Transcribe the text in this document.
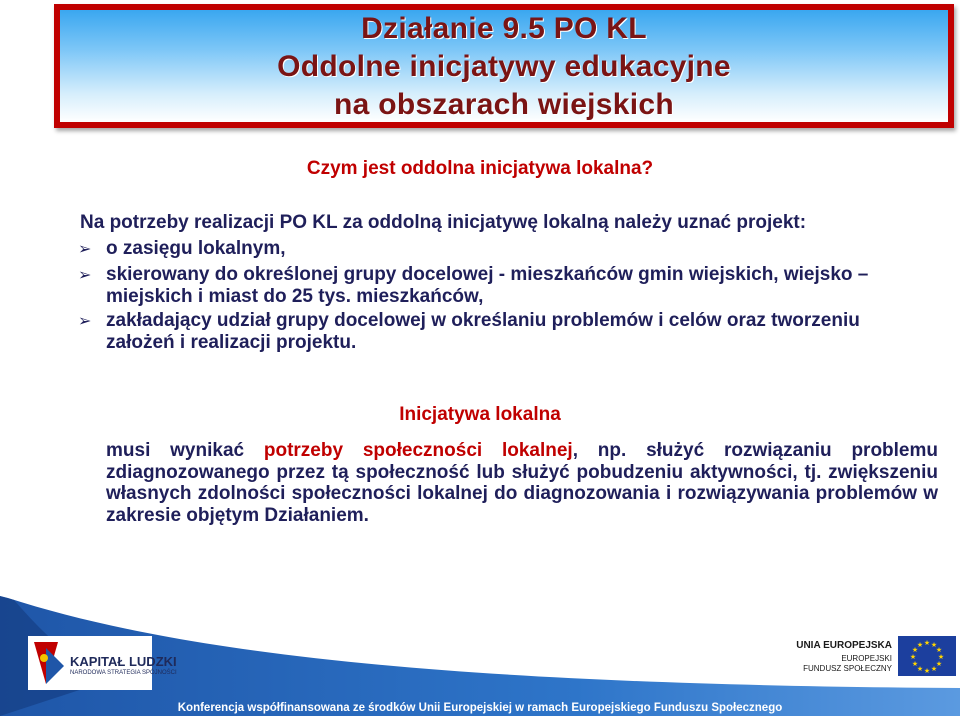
Działanie 9.5 PO KL
Oddolne inicjatywy edukacyjne
na obszarach wiejskich
Czym jest oddolna inicjatywa lokalna?
Na potrzeby realizacji PO KL za oddolną inicjatywę lokalną należy uznać projekt:
➢ o zasięgu lokalnym,
➢ skierowany do określonej grupy docelowej - mieszkańców gmin wiejskich, wiejsko – miejskich i miast do 25 tys. mieszkańców,
➢ zakładający udział grupy docelowej w określaniu problemów i celów oraz tworzeniu założeń i realizacji projektu.
Inicjatywa lokalna
musi wynikać potrzeby społeczności lokalnej, np. służyć rozwiązaniu problemu zdiagnozowanego przez tą społeczność lub służyć pobudzeniu aktywności, tj. zwiększeniu własnych zdolności społeczności lokalnej do diagnozowania i rozwiązywania problemów w zakresie objętym Działaniem.
KAPITAŁ LUDZKI
NARODOWA STRATEGIA SPÓJNOŚCI
UNIA EUROPEJSKA
EUROPEJSKI
FUNDUSZ SPOŁECZNY
★ ★
★
★
★
★
★
★
★
★
★
★
Konferencja współfinansowana ze środków Unii Europejskiej w ramach Europejskiego Funduszu Społecznego
